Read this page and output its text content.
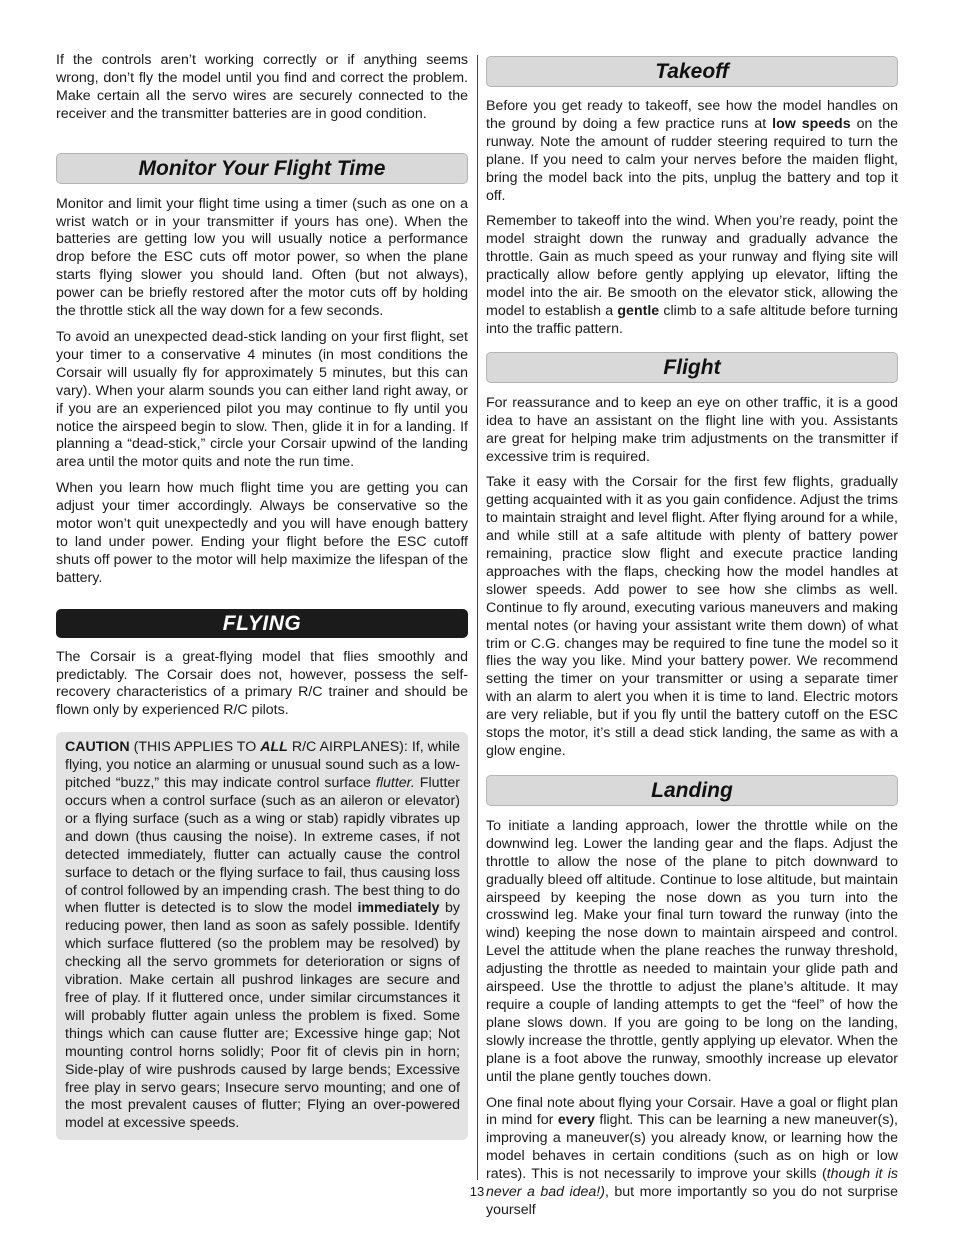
If the controls aren’t working correctly or if anything seems wrong, don’t fly the model until you find and correct the problem. Make certain all the servo wires are securely connected to the receiver and the transmitter batteries are in good condition.

Monitor Your Flight Time

Monitor and limit your flight time using a timer (such as one on a wrist watch or in your transmitter if yours has one). When the batteries are getting low you will usually notice a performance drop before the ESC cuts off motor power, so when the plane starts flying slower you should land. Often (but not always), power can be briefly restored after the motor cuts off by holding the throttle stick all the way down for a few seconds.

To avoid an unexpected dead-stick landing on your first flight, set your timer to a conservative 4 minutes (in most conditions the Corsair will usually fly for approximately 5 minutes, but this can vary). When your alarm sounds you can either land right away, or if you are an experienced pilot you may continue to fly until you notice the airspeed begin to slow. Then, glide it in for a landing. If planning a “dead-stick,” circle your Corsair upwind of the landing area until the motor quits and note the run time.

When you learn how much flight time you are getting you can adjust your timer accordingly. Always be conservative so the motor won’t quit unexpectedly and you will have enough battery to land under power. Ending your flight before the ESC cutoff shuts off power to the motor will help maximize the lifespan of the battery.

FLYING

The Corsair is a great-flying model that flies smoothly and predictably. The Corsair does not, however, possess the self-recovery characteristics of a primary R/C trainer and should be flown only by experienced R/C pilots.

CAUTION (THIS APPLIES TO ALL R/C AIRPLANES): If, while flying, you notice an alarming or unusual sound such as a low-pitched “buzz,” this may indicate control surface flutter. Flutter occurs when a control surface (such as an aileron or elevator) or a flying surface (such as a wing or stab) rapidly vibrates up and down (thus causing the noise). In extreme cases, if not detected immediately, flutter can actually cause the control surface to detach or the flying surface to fail, thus causing loss of control followed by an impending crash. The best thing to do when flutter is detected is to slow the model immediately by reducing power, then land as soon as safely possible. Identify which surface fluttered (so the problem may be resolved) by checking all the servo grommets for deterioration or signs of vibration. Make certain all pushrod linkages are secure and free of play. If it fluttered once, under similar circumstances it will probably flutter again unless the problem is fixed. Some things which can cause flutter are; Excessive hinge gap; Not mounting control horns solidly; Poor fit of clevis pin in horn; Side-play of wire pushrods caused by large bends; Excessive free play in servo gears; Insecure servo mounting; and one of the most prevalent causes of flutter; Flying an over-powered model at excessive speeds.

Takeoff

Before you get ready to takeoff, see how the model handles on the ground by doing a few practice runs at low speeds on the runway. Note the amount of rudder steering required to turn the plane. If you need to calm your nerves before the maiden flight, bring the model back into the pits, unplug the battery and top it off.

Remember to takeoff into the wind. When you’re ready, point the model straight down the runway and gradually advance the throttle. Gain as much speed as your runway and flying site will practically allow before gently applying up elevator, lifting the model into the air. Be smooth on the elevator stick, allowing the model to establish a gentle climb to a safe altitude before turning into the traffic pattern.

Flight

For reassurance and to keep an eye on other traffic, it is a good idea to have an assistant on the flight line with you. Assistants are great for helping make trim adjustments on the transmitter if excessive trim is required.

Take it easy with the Corsair for the first few flights, gradually getting acquainted with it as you gain confidence. Adjust the trims to maintain straight and level flight. After flying around for a while, and while still at a safe altitude with plenty of battery power remaining, practice slow flight and execute practice landing approaches with the flaps, checking how the model handles at slower speeds. Add power to see how she climbs as well. Continue to fly around, executing various maneuvers and making mental notes (or having your assistant write them down) of what trim or C.G. changes may be required to fine tune the model so it flies the way you like. Mind your battery power. We recommend setting the timer on your transmitter or using a separate timer with an alarm to alert you when it is time to land. Electric motors are very reliable, but if you fly until the battery cutoff on the ESC stops the motor, it’s still a dead stick landing, the same as with a glow engine.

Landing

To initiate a landing approach, lower the throttle while on the downwind leg. Lower the landing gear and the flaps. Adjust the throttle to allow the nose of the plane to pitch downward to gradually bleed off altitude. Continue to lose altitude, but maintain airspeed by keeping the nose down as you turn into the crosswind leg. Make your final turn toward the runway (into the wind) keeping the nose down to maintain airspeed and control. Level the attitude when the plane reaches the runway threshold, adjusting the throttle as needed to maintain your glide path and airspeed. Use the throttle to adjust the plane’s altitude. It may require a couple of landing attempts to get the “feel” of how the plane slows down. If you are going to be long on the landing, slowly increase the throttle, gently applying up elevator. When the plane is a foot above the runway, smoothly increase up elevator until the plane gently touches down.

One final note about flying your Corsair. Have a goal or flight plan in mind for every flight. This can be learning a new maneuver(s), improving a maneuver(s) you already know, or learning how the model behaves in certain conditions (such as on high or low rates). This is not necessarily to improve your skills (though it is never a bad idea!), but more importantly so you do not surprise yourself

13
